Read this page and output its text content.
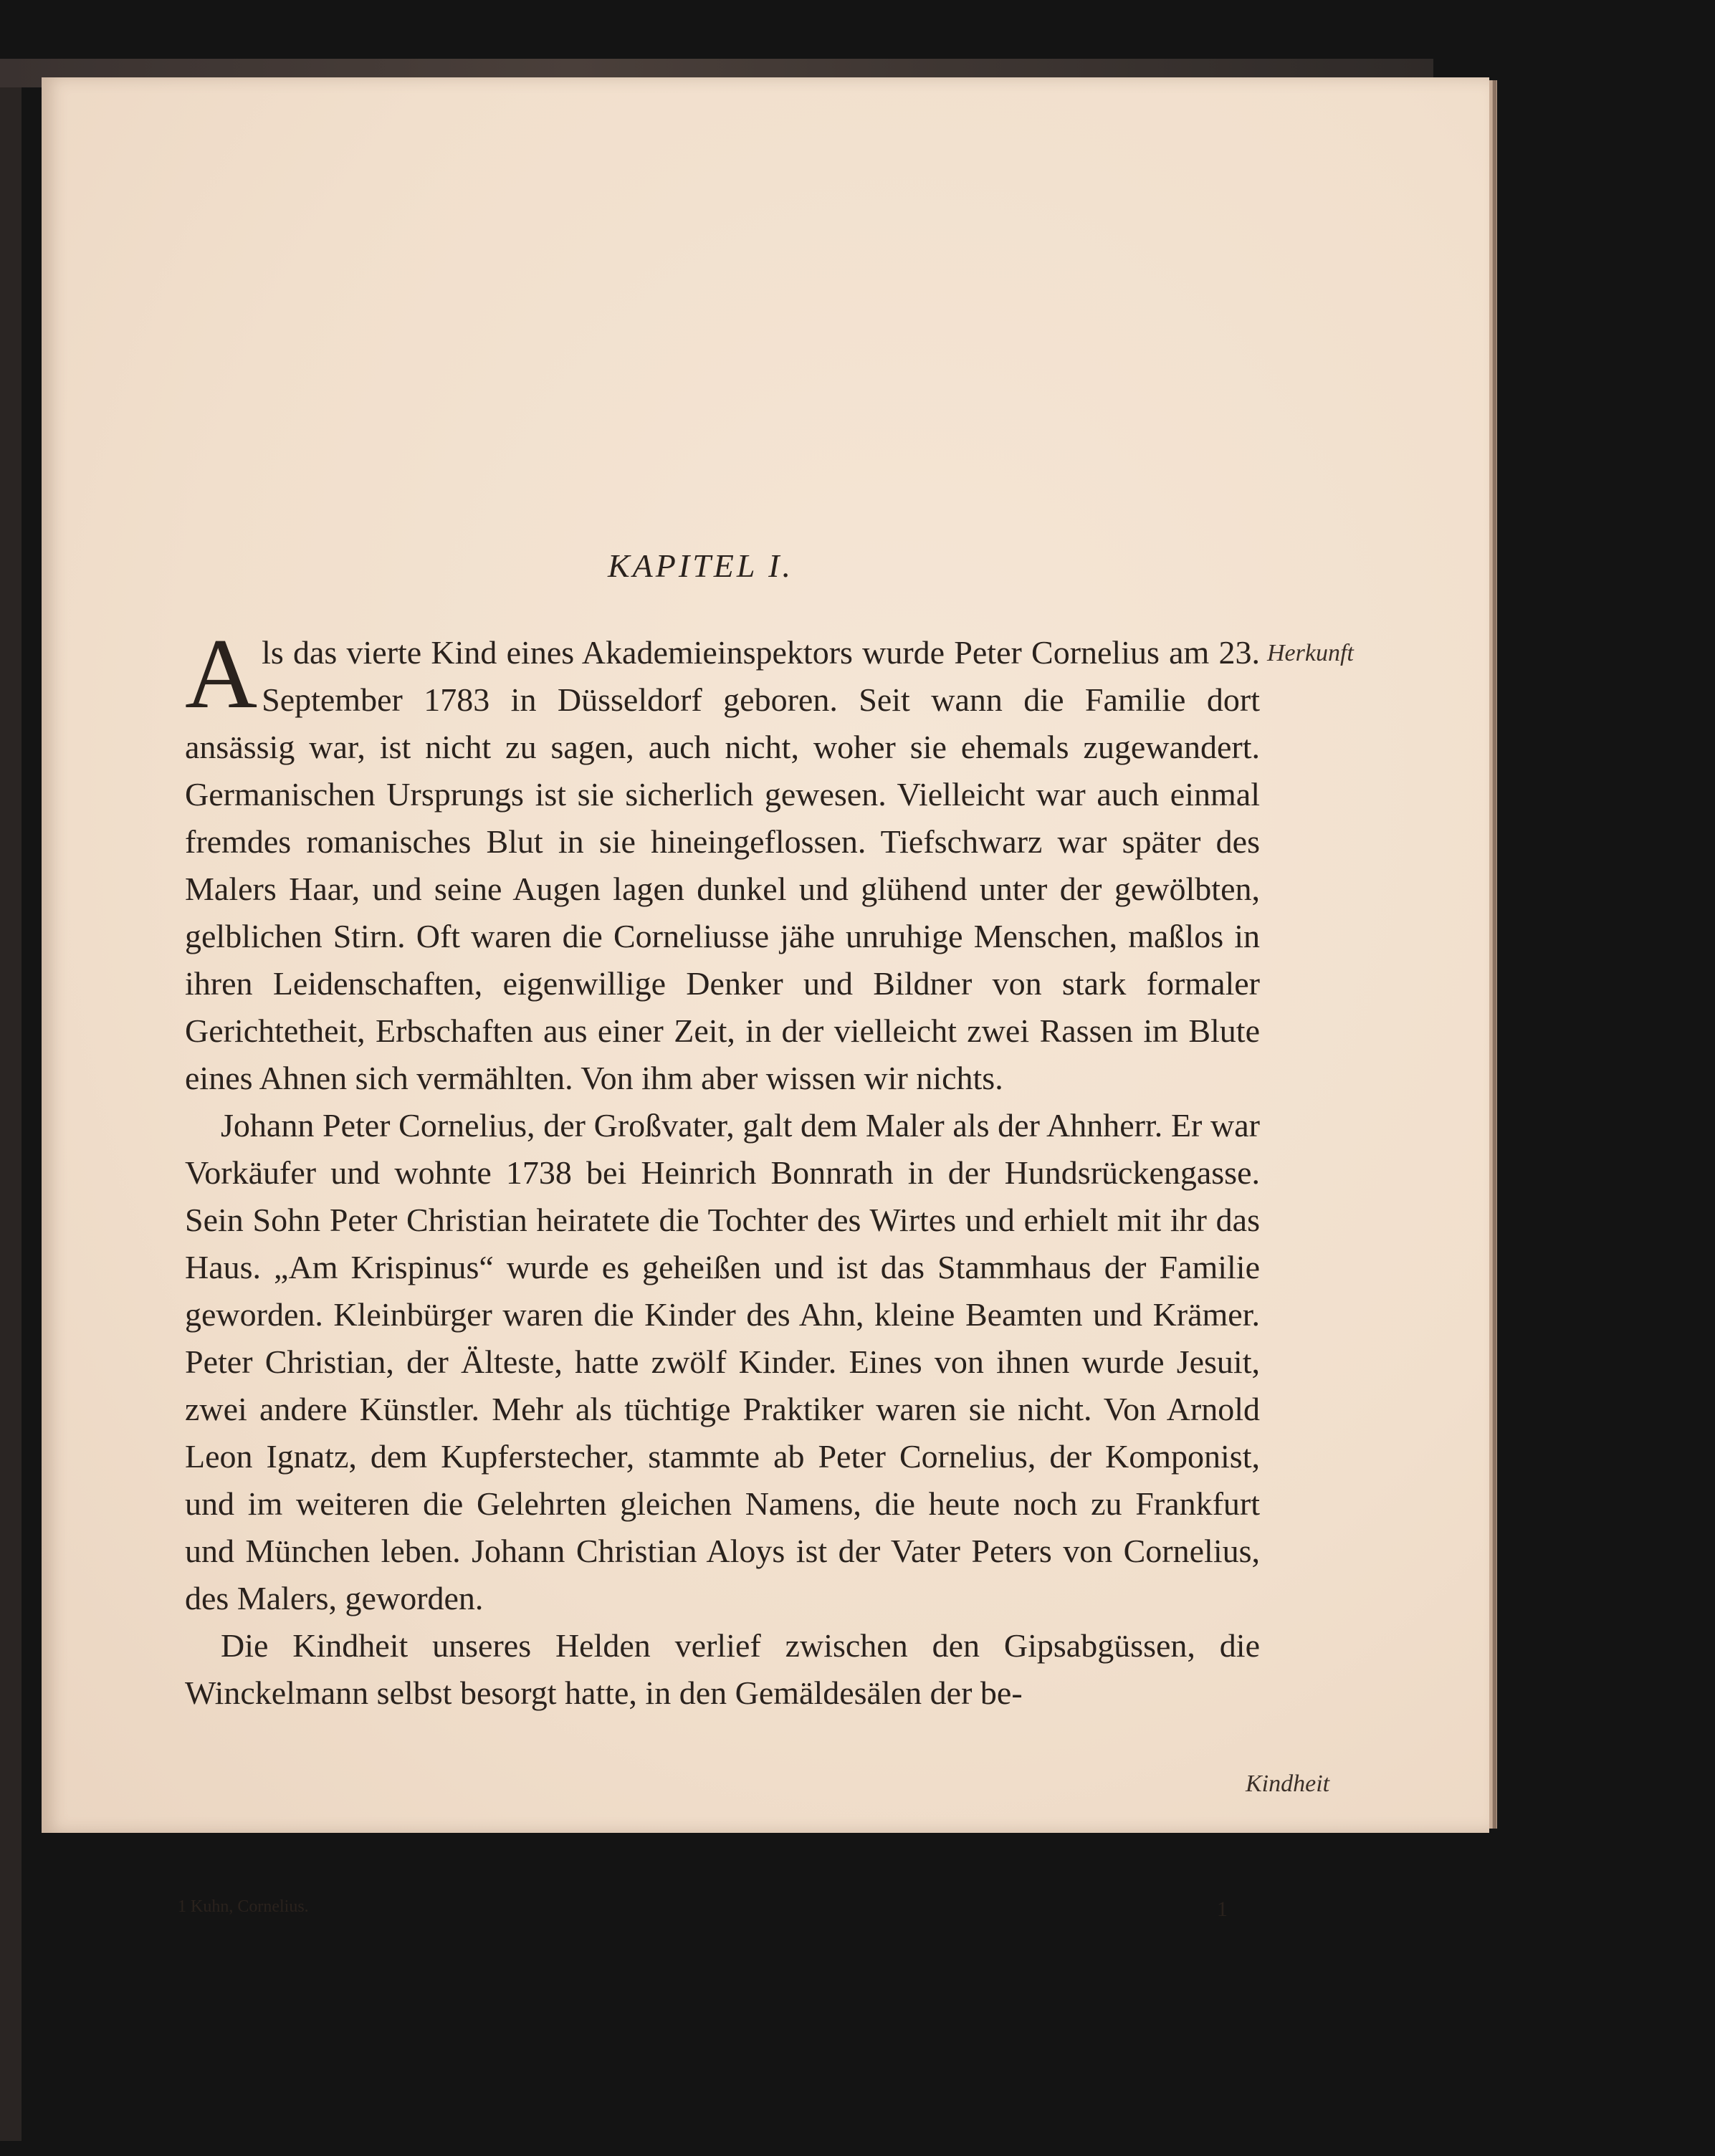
KAPITEL I.

Als das vierte Kind eines Akademieinspektors wurde Peter Cornelius am 23. September 1783 in Düsseldorf geboren. Seit wann die Familie dort ansässig war, ist nicht zu sagen, auch nicht, woher sie ehemals zugewandert. Germanischen Ursprungs ist sie sicherlich gewesen. Vielleicht war auch einmal fremdes romanisches Blut in sie hineingeflossen. Tiefschwarz war später des Malers Haar, und seine Augen lagen dunkel und glühend unter der gewölbten, gelblichen Stirn. Oft waren die Corneliusse jähe unruhige Menschen, maßlos in ihren Leidenschaften, eigenwillige Denker und Bildner von stark formaler Gerichtetheit, Erbschaften aus einer Zeit, in der vielleicht zwei Rassen im Blute eines Ahnen sich vermählten. Von ihm aber wissen wir nichts.

Johann Peter Cornelius, der Großvater, galt dem Maler als der Ahnherr. Er war Vorkäufer und wohnte 1738 bei Heinrich Bonnrath in der Hundsrückengasse. Sein Sohn Peter Christian heiratete die Tochter des Wirtes und erhielt mit ihr das Haus. „Am Krispinus“ wurde es geheißen und ist das Stammhaus der Familie geworden. Kleinbürger waren die Kinder des Ahn, kleine Beamten und Krämer. Peter Christian, der Älteste, hatte zwölf Kinder. Eines von ihnen wurde Jesuit, zwei andere Künstler. Mehr als tüchtige Praktiker waren sie nicht. Von Arnold Leon Ignatz, dem Kupferstecher, stammte ab Peter Cornelius, der Komponist, und im weiteren die Gelehrten gleichen Namens, die heute noch zu Frankfurt und München leben. Johann Christian Aloys ist der Vater Peters von Cornelius, des Malers, geworden.

Die Kindheit unseres Helden verlief zwischen den Gipsabgüssen, die Winckelmann selbst besorgt hatte, in den Gemäldesälen der be-

Herkunft
Kindheit
1 Kuhn, Cornelius.	1
